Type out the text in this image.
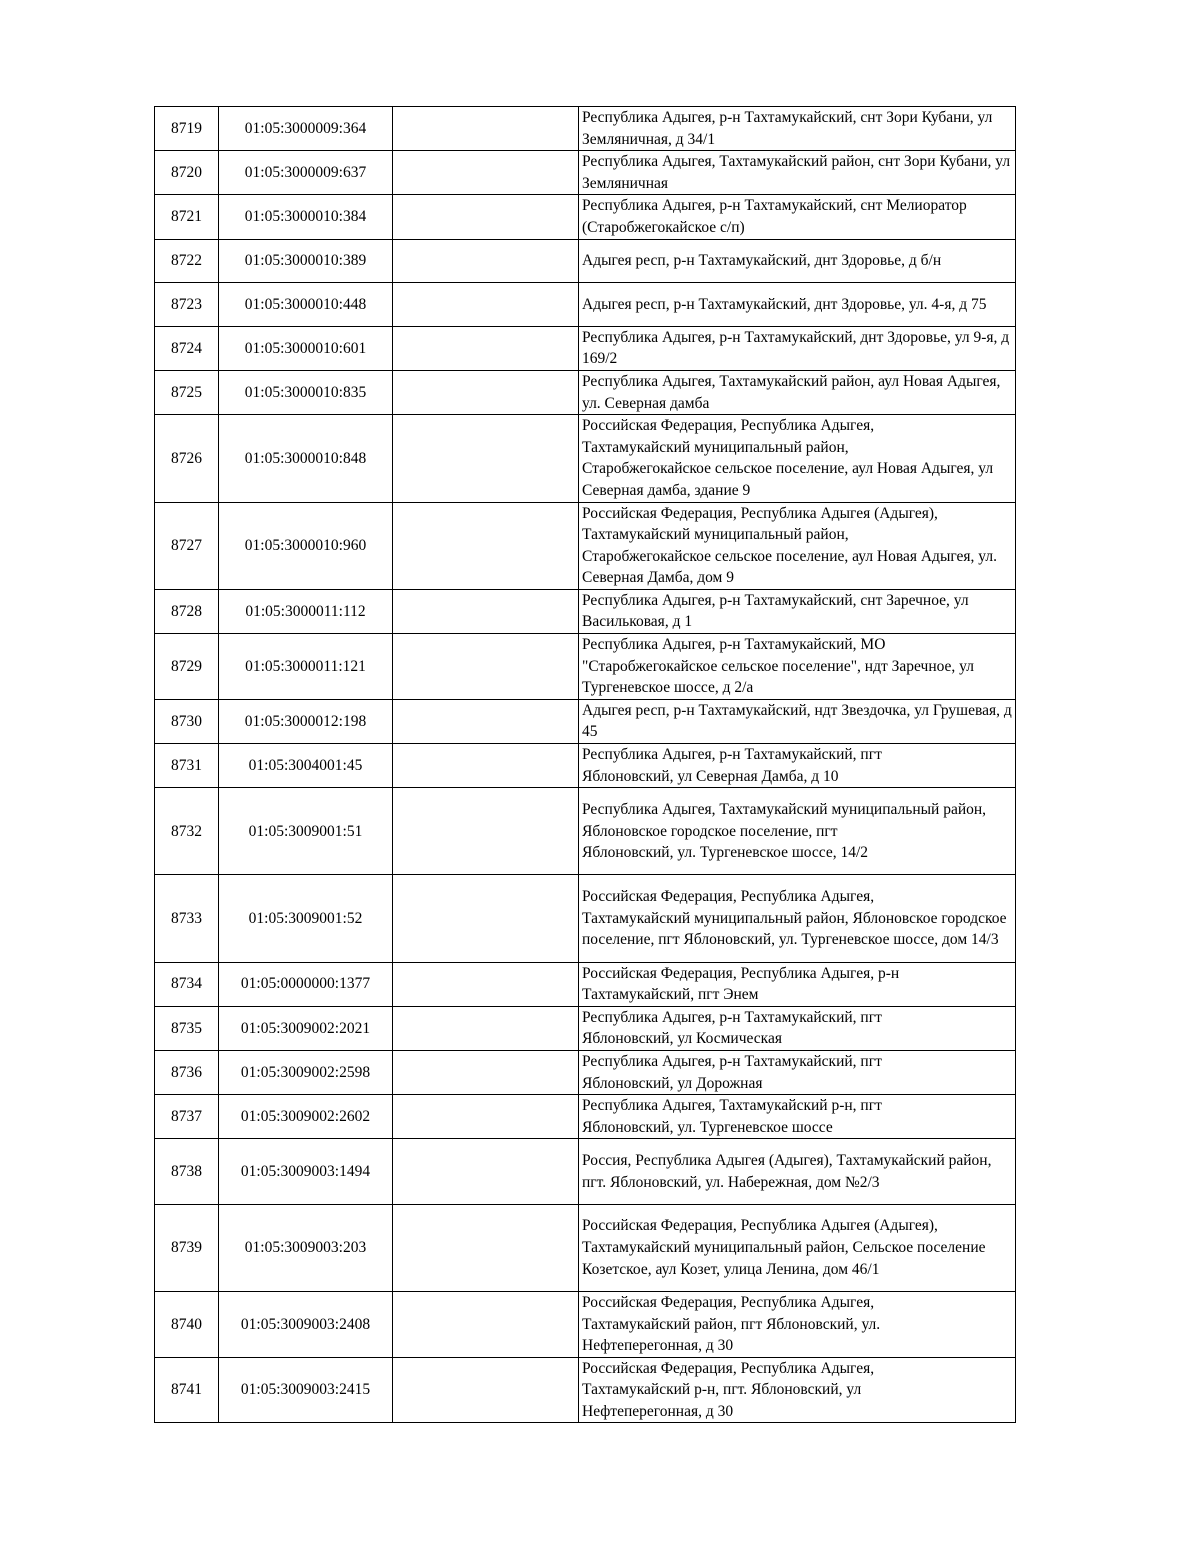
8719	01:05:3000009:364		Республика Адыгея, р-н Тахтамукайский, снт Зори Кубани, ул Земляничная, д 34/1
8720	01:05:3000009:637		Республика Адыгея, Тахтамукайский район, снт Зори Кубани, ул Земляничная
8721	01:05:3000010:384		Республика Адыгея, р-н Тахтамукайский, снт Мелиоратор (Старобжегокайское с/п)
8722	01:05:3000010:389		Адыгея респ, р-н Тахтамукайский, днт Здоровье, д б/н
8723	01:05:3000010:448		Адыгея респ, р-н Тахтамукайский, днт Здоровье, ул. 4-я, д 75
8724	01:05:3000010:601		Республика Адыгея, р-н Тахтамукайский, днт Здоровье, ул 9-я, д 169/2
8725	01:05:3000010:835		Республика Адыгея, Тахтамукайский район, аул Новая Адыгея, ул. Северная дамба
8726	01:05:3000010:848		Российская Федерация, Республика Адыгея,
Тахтамукайский муниципальный район,
Старобжегокайское сельское поселение, аул Новая Адыгея, ул Северная дамба, здание 9
8727	01:05:3000010:960		Российская Федерация, Республика Адыгея (Адыгея),
Тахтамукайский муниципальный район,
Старобжегокайское сельское поселение, аул Новая Адыгея, ул. Северная Дамба, дом 9
8728	01:05:3000011:112		Республика Адыгея, р-н Тахтамукайский, снт Заречное, ул Васильковая, д 1
8729	01:05:3000011:121		Республика Адыгея, р-н Тахтамукайский, МО
"Старобжегокайское сельское поселение", ндт Заречное, ул Тургеневское шоссе, д 2/а
8730	01:05:3000012:198		Адыгея респ, р-н Тахтамукайский, ндт Звездочка, ул Грушевая, д 45
8731	01:05:3004001:45		Республика Адыгея, р-н Тахтамукайский, пгт
Яблоновский, ул Северная Дамба, д 10
8732	01:05:3009001:51		Республика Адыгея, Тахтамукайский муниципальный район, Яблоновское городское поселение, пгт
Яблоновский, ул. Тургеневское шоссе, 14/2
8733	01:05:3009001:52		Российская Федерация, Республика Адыгея,
Тахтамукайский муниципальный район, Яблоновское городское поселение, пгт Яблоновский, ул. Тургеневское шоссе, дом 14/3
8734	01:05:0000000:1377		Российская Федерация, Республика Адыгея, р-н
Тахтамукайский, пгт Энем
8735	01:05:3009002:2021		Республика Адыгея, р-н Тахтамукайский, пгт
Яблоновский, ул Космическая
8736	01:05:3009002:2598		Республика Адыгея, р-н Тахтамукайский, пгт
Яблоновский, ул Дорожная
8737	01:05:3009002:2602		Республика Адыгея, Тахтамукайский р-н, пгт
Яблоновский, ул. Тургеневское шоссе
8738	01:05:3009003:1494		Россия, Республика Адыгея (Адыгея), Тахтамукайский район, пгт. Яблоновский, ул. Набережная, дом №2/3
8739	01:05:3009003:203		Российская Федерация, Республика Адыгея (Адыгея),
Тахтамукайский муниципальный район, Сельское поселение Козетское, аул Козет, улица Ленина, дом 46/1
8740	01:05:3009003:2408		Российская Федерация, Республика Адыгея,
Тахтамукайский район, пгт Яблоновский, ул.
Нефтеперегонная, д 30
8741	01:05:3009003:2415		Российская Федерация, Республика Адыгея,
Тахтамукайский р-н, пгт. Яблоновский, ул
Нефтеперегонная, д 30
